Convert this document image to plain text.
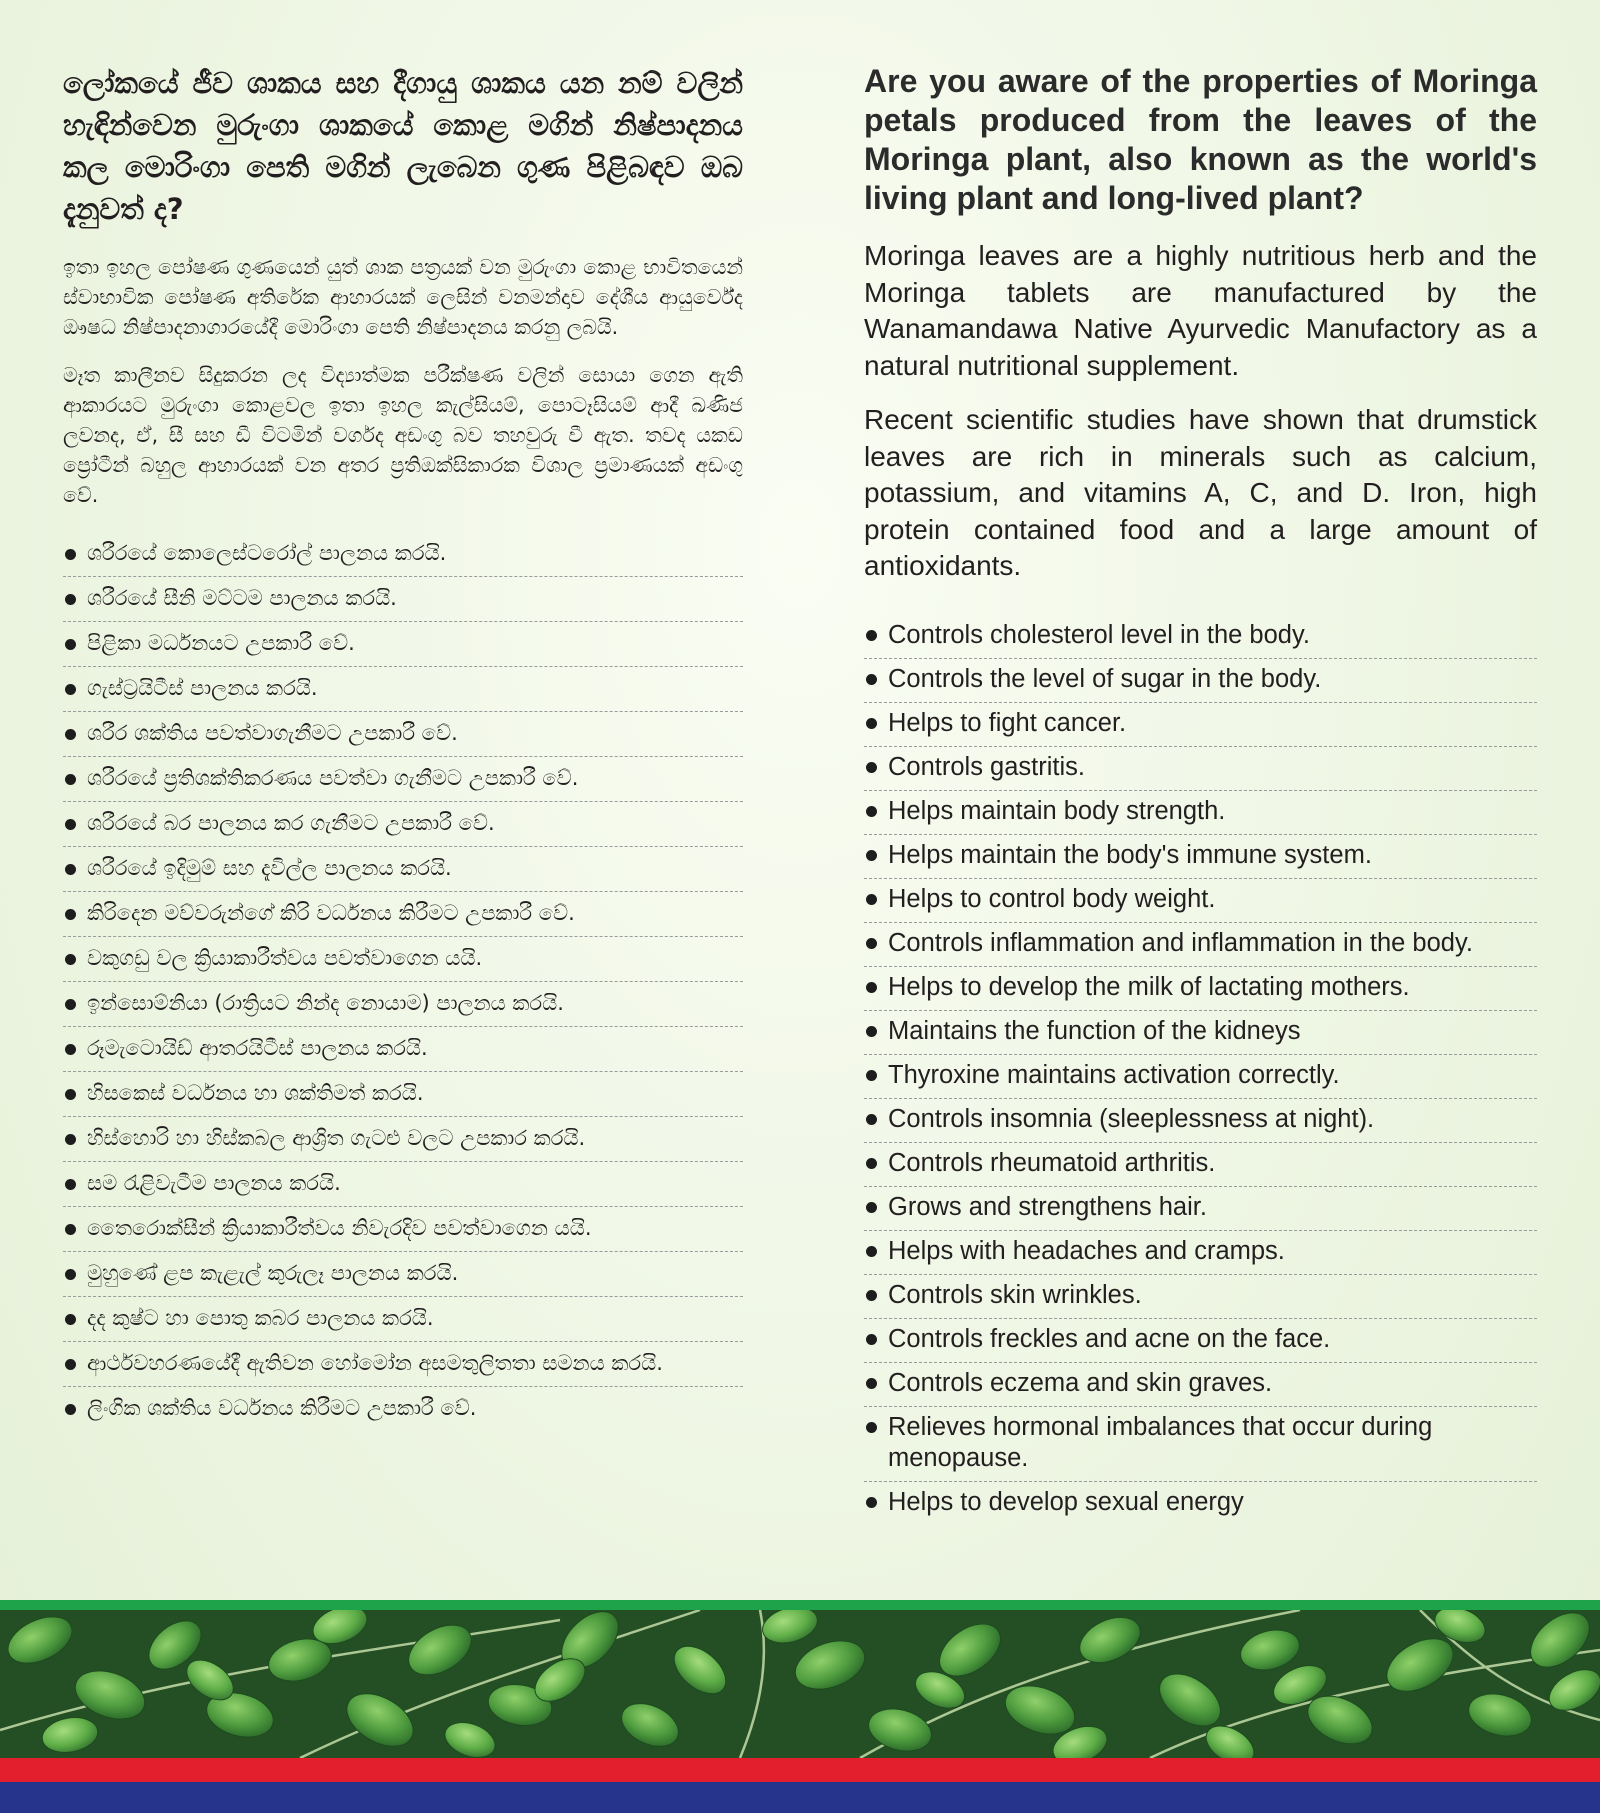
ලෝකයේ ජීව ශාකය සහ දීගායු ශාකය යන නම් වලින් හැඳින්වෙන මුරුංගා ශාකයේ කොළ මගින් නිෂ්පාදනය කල මොරිංගා පෙති මගින් ලැබෙන ගුණ පිළිබඳව ඔබ දැනුවත් ද?

ඉතා ඉහල පෝෂණ ගුණයෙන් යුත් ශාක පත්‍රයක් වන මුරුංගා කොළ භාවිතයෙන් ස්වාභාවික පෝෂණ අතිරේක ආහාරයක් ලෙසින් වනමන්දාව දේශීය ආයුර්වේද ඖෂධ නිෂ්පාදනාගාරයේදී මොරිංගා පෙති නිෂ්පාදනය කරනු ලබයි.

මෑත කාලීනව සිදුකරන ලද විද්‍යාත්මක පරීක්ෂණ වලින් සොයා ගෙන ඇති ආකාරයට මුරුංගා කොළවල ඉතා ඉහල කැල්සියම්, පොටෑසියම් ආදී ඛණිජ ලවනද, ඒ, සී සහ ඩී විටමින් වර්ගද අඩංගු බව තහවුරු වී ඇත. තවද යකඩ ප්‍රෝටීන් බහුල ආහාරයක් වන අතර ප්‍රතිඔක්සිකාරක විශාල ප්‍රමාණයක් අඩංගු වේ.

ශරීරයේ කොලෙස්ටරෝල් පාලනය කරයි.
ශරීරයේ සීනි මට්ටම පාලනය කරයි.
පිළිකා මර්ධනයට උපකාරී වේ.
ගැස්ට්‍රයිටීස් පාලනය කරයි.
ශරීර ශක්තිය පවත්වාගැනීමට උපකාරී වේ.
ශරීරයේ ප්‍රතිශක්තිකරණය පවත්වා ගැනීමට උපකාරී වේ.
ශරීරයේ බර පාලනය කර ගැනීමට උපකාරී වේ.
ශරීරයේ ඉදිමුම් සහ දැවිල්ල පාලනය කරයි.
කිරිදෙන මව්වරුන්ගේ කිරි වර්ධනය කිරීමට උපකාරී වේ.
වකුගඩු වල ක්‍රියාකාරීත්වය පවත්වාගෙන යයි.
ඉන්සොම්නියා (රාත්‍රියට නින්ද නොයාම) පාලනය කරයි.
රූමැටොයිඩ් ආතරයිටීස් පාලනය කරයි.
හිසකෙස් වර්ධනය හා ශක්තිමත් කරයි.
හිස්හොරි හා හිස්කබල ආශ්‍රිත ගැටළු වලට උපකාර කරයි.
සම රැළිවැටීම පාලනය කරයි.
තෛරොක්සීන් ක්‍රියාකාරීත්වය නිවැරදිව පවත්වාගෙන යයි.
මුහුණේ ළප කැළැල් කුරුලෑ පාලනය කරයි.
දද කුෂ්ට හා පොතු කබර පාලනය කරයි.
ආර්ථවහරණයේදී ඇතිවන හෝමෝන අසමතුලිතතා සමනය කරයි.
ලිංගික ශක්තිය වර්ධනය කිරීමට උපකාරී වේ.
Are you aware of the properties of Moringa petals produced from the leaves of the Moringa plant, also known as the world's living plant and long-lived plant?

Moringa leaves are a highly nutritious herb and the Moringa tablets are manufactured by the Wanamandawa Native Ayurvedic Manufactory as a natural nutritional supplement.

Recent scientific studies have shown that drumstick leaves are rich in minerals such as calcium, potassium, and vitamins A, C, and D. Iron, high protein contained food and a large amount of antioxidants.

Controls cholesterol level in the body.
Controls the level of sugar in the body.
Helps to fight cancer.
Controls gastritis.
Helps maintain body strength.
Helps maintain the body's immune system.
Helps to control body weight.
Controls inflammation and inflammation in the body.
Helps to develop the milk of lactating mothers.
Maintains the function of the kidneys
Thyroxine maintains activation correctly.
Controls insomnia (sleeplessness at night).
Controls rheumatoid arthritis.
Grows and strengthens hair.
Helps with headaches and cramps.
Controls skin wrinkles.
Controls freckles and acne on the face.
Controls eczema and skin graves.
Relieves hormonal imbalances that occur during menopause.
Helps to develop sexual energy
